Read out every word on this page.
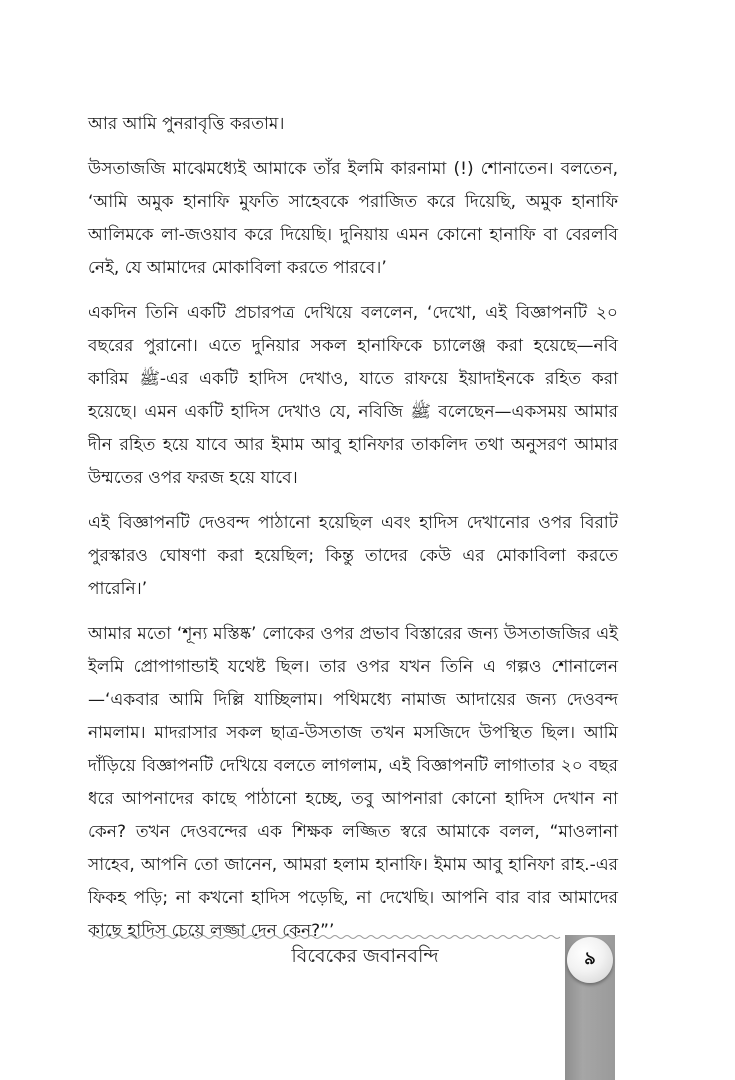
আর আমি পুনরাবৃত্তি করতাম।

উসতাজজি মাঝেমধ্যেই আমাকে তাঁর ইলমি কারনামা (!) শোনাতেন। বলতেন, ‘আমি অমুক হানাফি মুফতি সাহেবকে পরাজিত করে দিয়েছি, অমুক হানাফি আলিমকে লা-জওয়াব করে দিয়েছি। দুনিয়ায় এমন কোনো হানাফি বা বেরলবি নেই, যে আমাদের মোকাবিলা করতে পারবে।’

একদিন তিনি একটি প্রচারপত্র দেখিয়ে বললেন, ‘দেখো, এই বিজ্ঞাপনটি ২০ বছরের পুরানো। এতে দুনিয়ার সকল হানাফিকে চ্যালেঞ্জ করা হয়েছে—নবি কারিম ﷺ-এর একটি হাদিস দেখাও, যাতে রাফয়ে ইয়াদাইনকে রহিত করা হয়েছে। এমন একটি হাদিস দেখাও যে, নবিজি ﷺ বলেছেন—একসময় আমার দীন রহিত হয়ে যাবে আর ইমাম আবু হানিফার তাকলিদ তথা অনুসরণ আমার উম্মতের ওপর ফরজ হয়ে যাবে।

এই বিজ্ঞাপনটি দেওবন্দ পাঠানো হয়েছিল এবং হাদিস দেখানোর ওপর বিরাট পুরস্কারও ঘোষণা করা হয়েছিল; কিন্তু তাদের কেউ এর মোকাবিলা করতে পারেনি।’

আমার মতো ‘শূন্য মস্তিষ্ক’ লোকের ওপর প্রভাব বিস্তারের জন্য উসতাজজির এই ইলমি প্রোপাগান্ডাই যথেষ্ট ছিল। তার ওপর যখন তিনি এ গল্পও শোনালেন—‘একবার আমি দিল্লি যাচ্ছিলাম। পথিমধ্যে নামাজ আদায়ের জন্য দেওবন্দ নামলাম। মাদরাসার সকল ছাত্র-উসতাজ তখন মসজিদে উপস্থিত ছিল। আমি দাঁড়িয়ে বিজ্ঞাপনটি দেখিয়ে বলতে লাগলাম, এই বিজ্ঞাপনটি লাগাতার ২০ বছর ধরে আপনাদের কাছে পাঠানো হচ্ছে, তবু আপনারা কোনো হাদিস দেখান না কেন? তখন দেওবন্দের এক শিক্ষক লজ্জিত স্বরে আমাকে বলল, “মাওলানা সাহেব, আপনি তো জানেন, আমরা হলাম হানাফি। ইমাম আবু হানিফা রাহ.-এর ফিকহ পড়ি; না কখনো হাদিস পড়েছি, না দেখেছি। আপনি বার বার আমাদের কাছে হাদিস চেয়ে লজ্জা দেন কেন?”’

বিবেকের জবানবন্দি	৯
